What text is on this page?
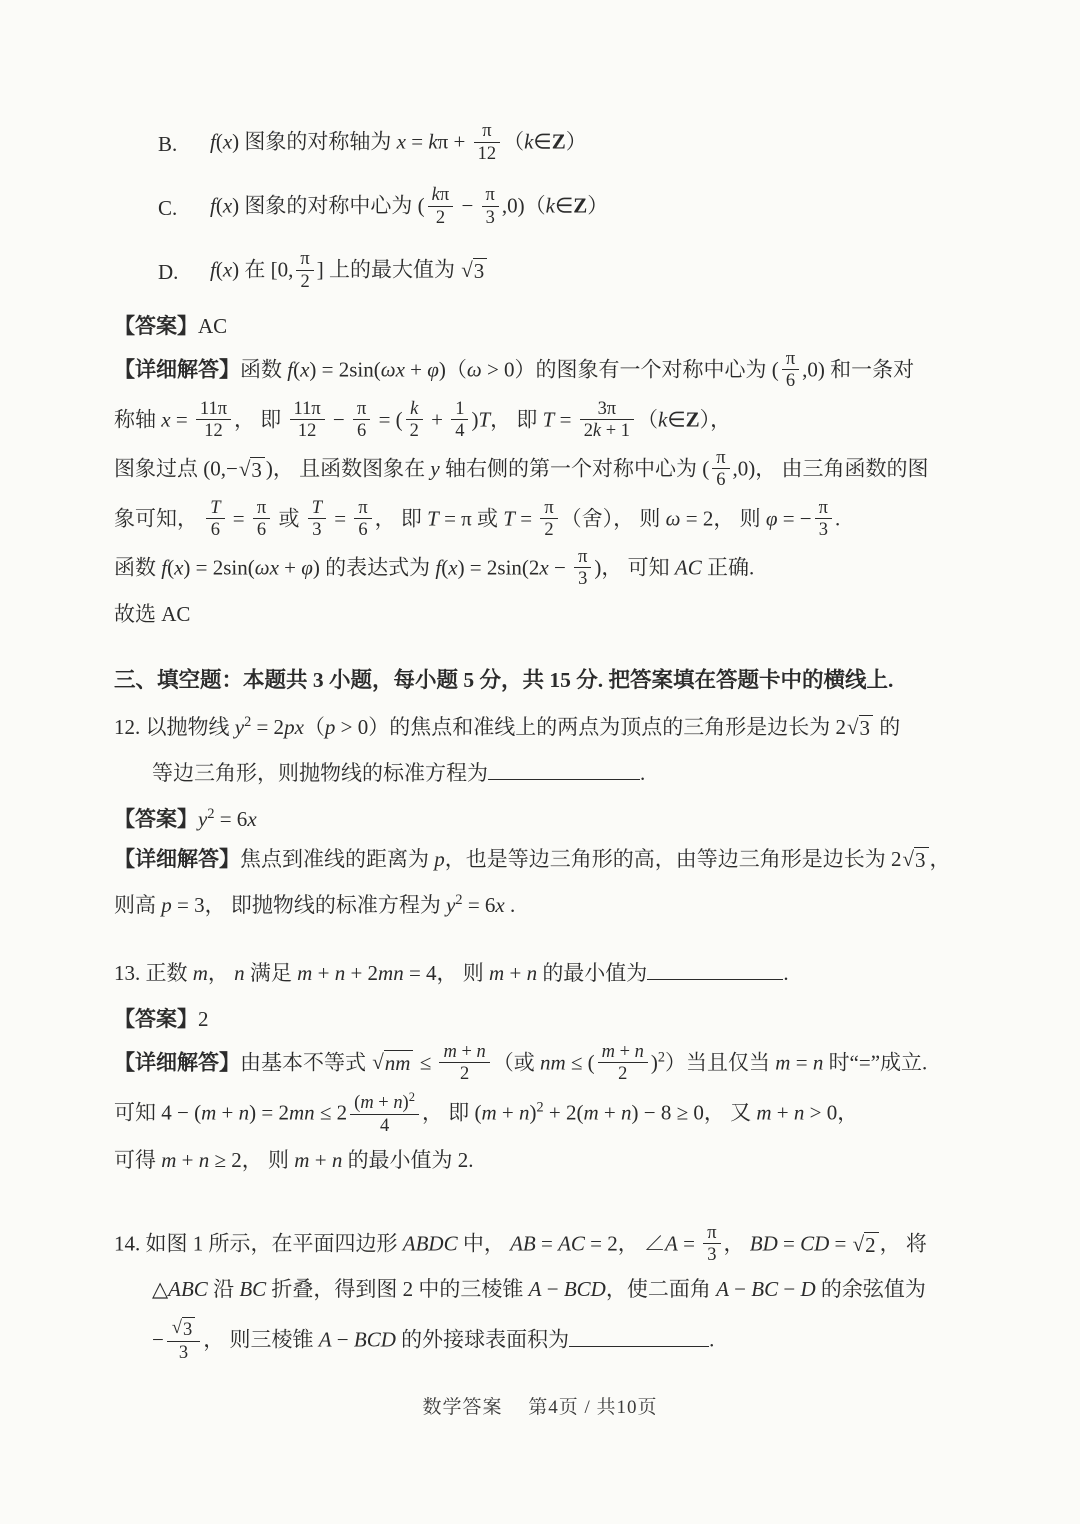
B.	f(x) 图象的对称轴为 $x = k\pi + \frac{\pi}{12}$ （k∈Z）
C.	f(x) 图象的对称中心为 ( $\frac{k\pi}{2} - \frac{\pi}{3}$ ,0)（k∈Z）
D.	f(x) 在 [0, $\frac{\pi}{2}$ ] 上的最大值为 √ 3
【答案】AC
【详细解答】函数 f(x) = 2sin(ωx + φ)（ω > 0）的图象有一个对称中心为 ( $\frac{\pi}{6} ,0$) 和一条对
称轴 $x = \frac{11\pi}{12}$ ， 即 $\frac{11\pi}{12} - \frac{\pi}{6}$ = ( $\frac{k}{2} + \frac{1}{4} )T$， 即 $T = \frac{3\pi}{2k + 1}$ （k∈Z），
图象过点 (0,− √ 3 )， 且函数图象在 y 轴右侧的第一个对称中心为 ( $\frac{\pi}{6} ,0$)， 由三角函数的图
象可知， $\frac{T}{6} = \frac{\pi}{6}$ 或 $\frac{T}{3} = \frac{\pi}{6}$ ， 即 T = π 或 $T = \frac{\pi}{2}$ （舍）， 则 ω = 2， 则 φ = − $\frac{\pi}{3}$ .
函数 f(x) = 2sin(ωx + φ) 的表达式为 $f(x) = 2\sin(2x - \frac{\pi}{3}$ )， 可知 AC 正确.
故选 AC
三、填空题：本题共 3 小题，每小题 5 分，共 15 分. 把答案填在答题卡中的横线上.
12. 以抛物线 $y^2 = 2px(p > 0)$的焦点和准线上的两点为顶点的三角形是边长为 2 √ 3 的
等边三角形，则抛物线的标准方程为	.
【答案】$y^2 = 6x$
【详细解答】焦点到准线的距离为 p，也是等边三角形的高，由等边三角形是边长为 2 √ 3 ，
则高 p = 3， 即抛物线的标准方程为 $y^2 = 6x$ .
13. 正数 m， n 满足 m + n + 2mn = 4， 则 m + n 的最小值为	.
【答案】2
【详细解答】由基本不等式 √ nm ≤ $\frac{m + n}{2}$ （或 nm ≤ ( $\frac{m + n}{2} )^2$）当且仅当 m = n 时“=”成立.
可知 $4 - (m + n) = 2mn \le 2 \frac{(m + n)^2}{4}$ ， 即 $(m + n)^2 + 2(m + n) - 8 \ge 0$， 又 m + n > 0，
可得 m + n ≥ 2， 则 m + n 的最小值为 2.
14. 如图 1 所示，在平面四边形 ABDC 中， AB = AC = 2， ∠A = $\frac{\pi}{3}$ ， BD = CD = √ 2 ， 将
△ABC 沿 BC 折叠，得到图 2 中的三棱锥 A − BCD，使二面角 A − BC − D 的余弦值为
− $\frac{√ 3}{3}$ ， 则三棱锥 A − BCD 的外接球表面积为	.
数学答案 第4页 / 共10页
